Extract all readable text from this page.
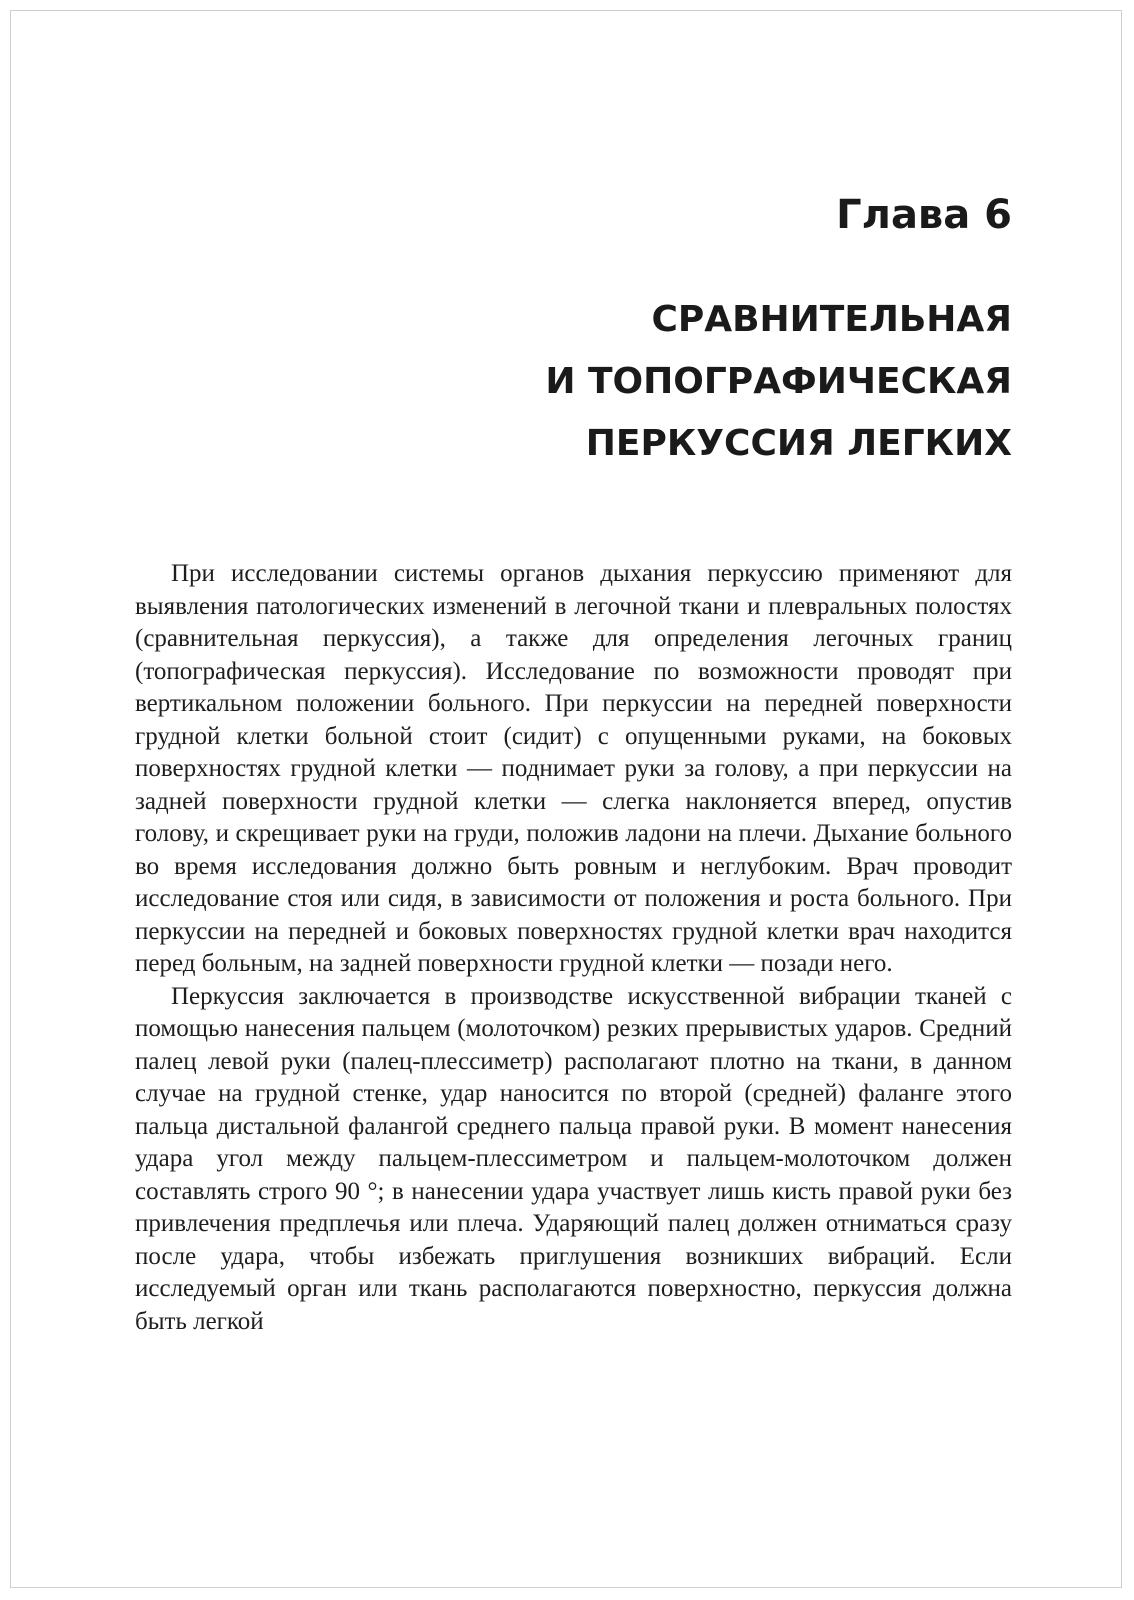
Глава 6
СРАВНИТЕЛЬНАЯ
И ТОПОГРАФИЧЕСКАЯ
ПЕРКУССИЯ ЛЕГКИХ

При исследовании системы органов дыхания перкуссию применяют для выявления патологических изменений в легочной ткани и плевральных полостях (сравнительная перкуссия), а также для определения легочных границ (топографическая перкуссия). Исследование по возможности проводят при вертикальном положении больного. При перкуссии на передней поверхности грудной клетки больной стоит (сидит) с опущенными руками, на боковых поверхностях грудной клетки — поднимает руки за голову, а при перкуссии на задней поверхности грудной клетки — слегка наклоняется вперед, опустив голову, и скрещивает руки на груди, положив ладони на плечи. Дыхание больного во время исследования должно быть ровным и неглубоким. Врач проводит исследование стоя или сидя, в зависимости от положения и роста больного. При перкуссии на передней и боковых поверхностях грудной клетки врач находится перед больным, на задней поверхности грудной клетки — позади него.

Перкуссия заключается в производстве искусственной вибрации тканей с помощью нанесения пальцем (молоточком) резких прерывистых ударов. Средний палец левой руки (палец-плессиметр) располагают плотно на ткани, в данном случае на грудной стенке, удар наносится по второй (средней) фаланге этого пальца дистальной фалангой среднего пальца правой руки. В момент нанесения удара угол между пальцем-плессиметром и пальцем-молоточком должен составлять строго 90 °; в нанесении удара участвует лишь кисть правой руки без привлечения предплечья или плеча. Ударяющий палец должен отниматься сразу после удара, чтобы избежать приглушения возникших вибраций. Если исследуемый орган или ткань располагаются поверхностно, перкуссия должна быть легкой
